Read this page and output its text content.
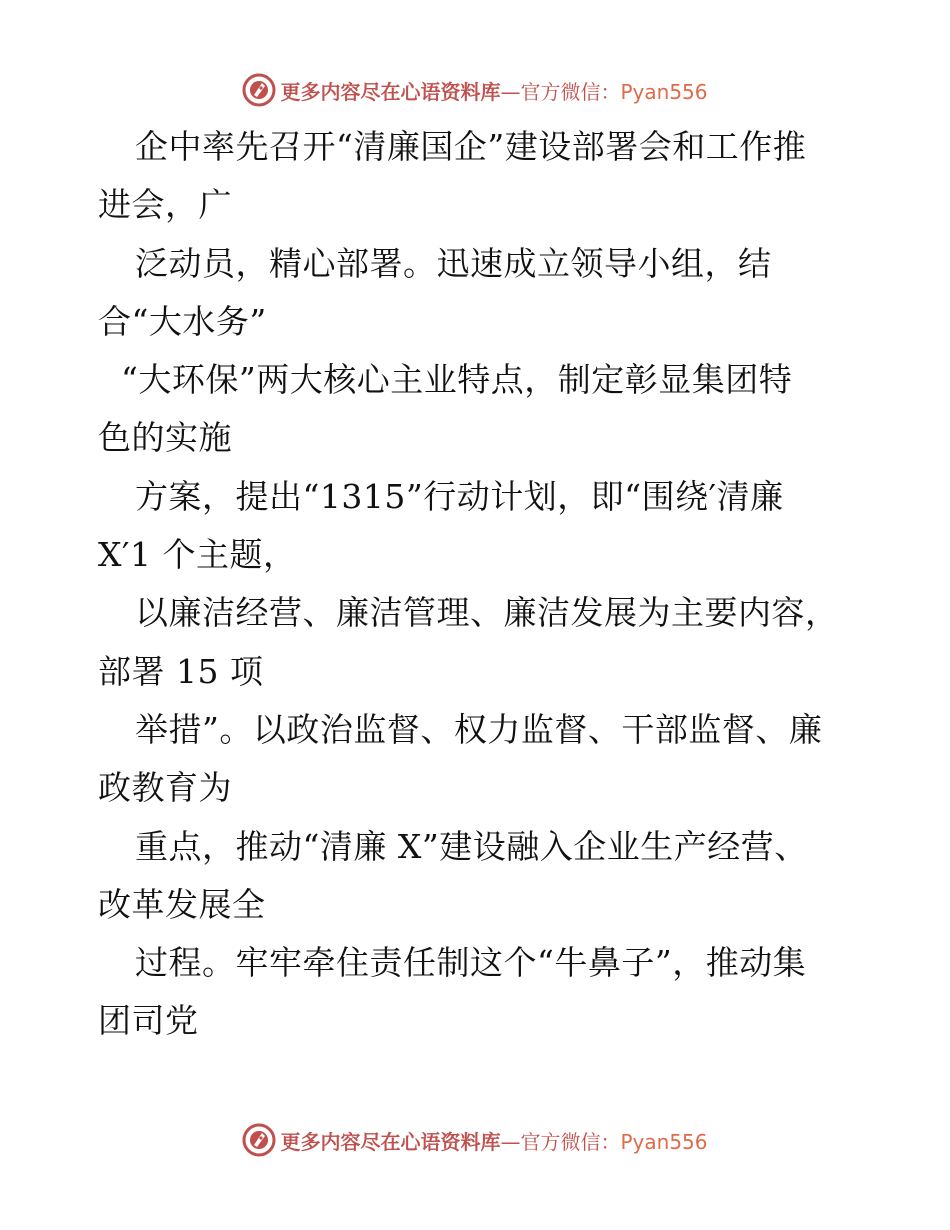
更多内容尽在心语资料库—官方微信：Pyan556
企中率先召开“清廉国企”建设部署会和工作推
进会，广
泛动员，精心部署。迅速成立领导小组，结
合“大水务”
“大环保”两大核心主业特点，制定彰显集团特
色的实施
方案，提出“1315”行动计划，即“围绕′清廉
X′1 个主题，
以廉洁经营、廉洁管理、廉洁发展为主要内容，
部署 15 项
举措”。以政治监督、权力监督、干部监督、廉
政教育为
重点，推动“清廉 X”建设融入企业生产经营、
改革发展全
过程。牢牢牵住责任制这个“牛鼻子”，推动集
团司党
更多内容尽在心语资料库—官方微信：Pyan556
